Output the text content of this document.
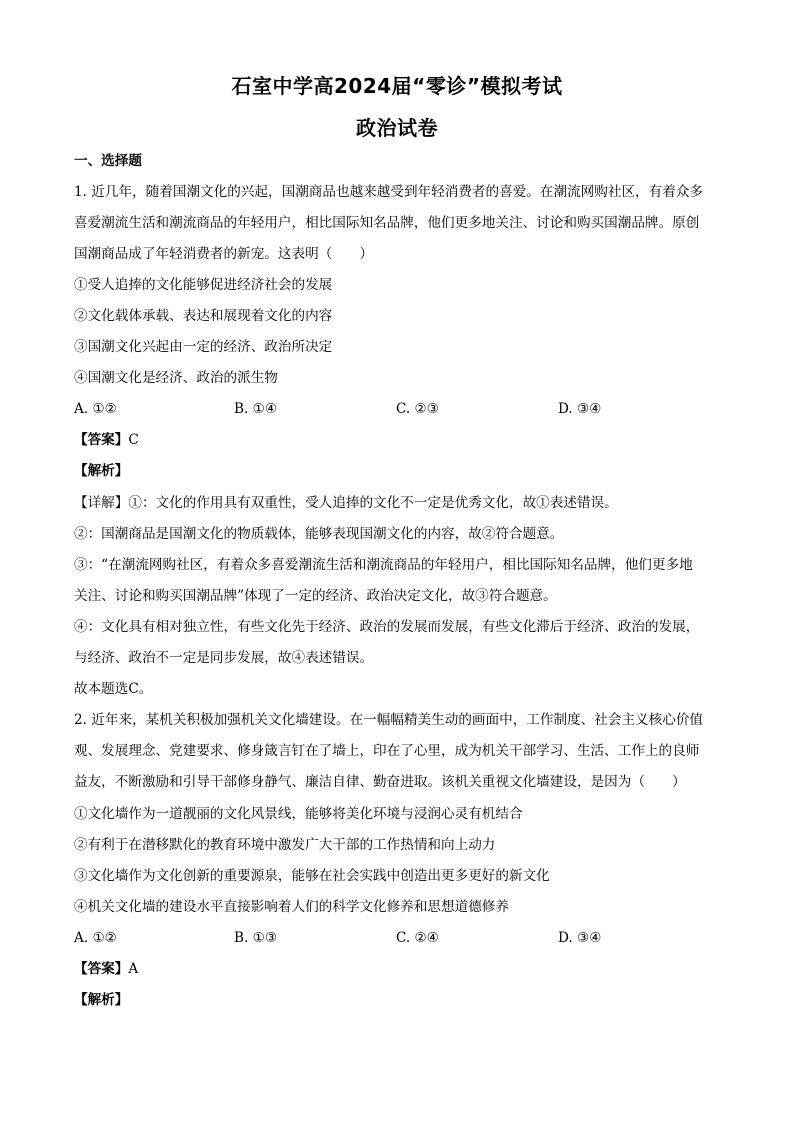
石室中学高2024届“零诊”模拟考试
政治试卷
一、选择题
1. 近几年，随着国潮文化的兴起，国潮商品也越来越受到年轻消费者的喜爱。在潮流网购社区，有着众多
喜爱潮流生活和潮流商品的年轻用户，相比国际知名品牌，他们更多地关注、讨论和购买国潮品牌。原创
国潮商品成了年轻消费者的新宠。这表明（　　）
①受人追捧的文化能够促进经济社会的发展
②文化载体承载、表达和展现着文化的内容
③国潮文化兴起由一定的经济、政治所决定
④国潮文化是经济、政治的派生物
A. ①②	B. ①④	C. ②③	D. ③④
【答案】C
【解析】
【详解】①：文化的作用具有双重性，受人追捧的文化不一定是优秀文化，故①表述错误。
②：国潮商品是国潮文化的物质载体，能够表现国潮文化的内容，故②符合题意。
③：“在潮流网购社区，有着众多喜爱潮流生活和潮流商品的年轻用户，相比国际知名品牌，他们更多地
关注、讨论和购买国潮品牌”体现了一定的经济、政治决定文化，故③符合题意。
④：文化具有相对独立性，有些文化先于经济、政治的发展而发展，有些文化滞后于经济、政治的发展，
与经济、政治不一定是同步发展，故④表述错误。
故本题选C。
2. 近年来，某机关积极加强机关文化墙建设。在一幅幅精美生动的画面中，工作制度、社会主义核心价值
观、发展理念、党建要求、修身箴言钉在了墙上，印在了心里，成为机关干部学习、生活、工作上的良师
益友，不断激励和引导干部修身静气、廉洁自律、勤奋进取。该机关重视文化墙建设，是因为（　　）
①文化墙作为一道靓丽的文化风景线，能够将美化环境与浸润心灵有机结合
②有利于在潜移默化的教育环境中激发广大干部的工作热情和向上动力
③文化墙作为文化创新的重要源泉，能够在社会实践中创造出更多更好的新文化
④机关文化墙的建设水平直接影响着人们的科学文化修养和思想道德修养
A. ①②	B. ①③	C. ②④	D. ③④
【答案】A
【解析】
